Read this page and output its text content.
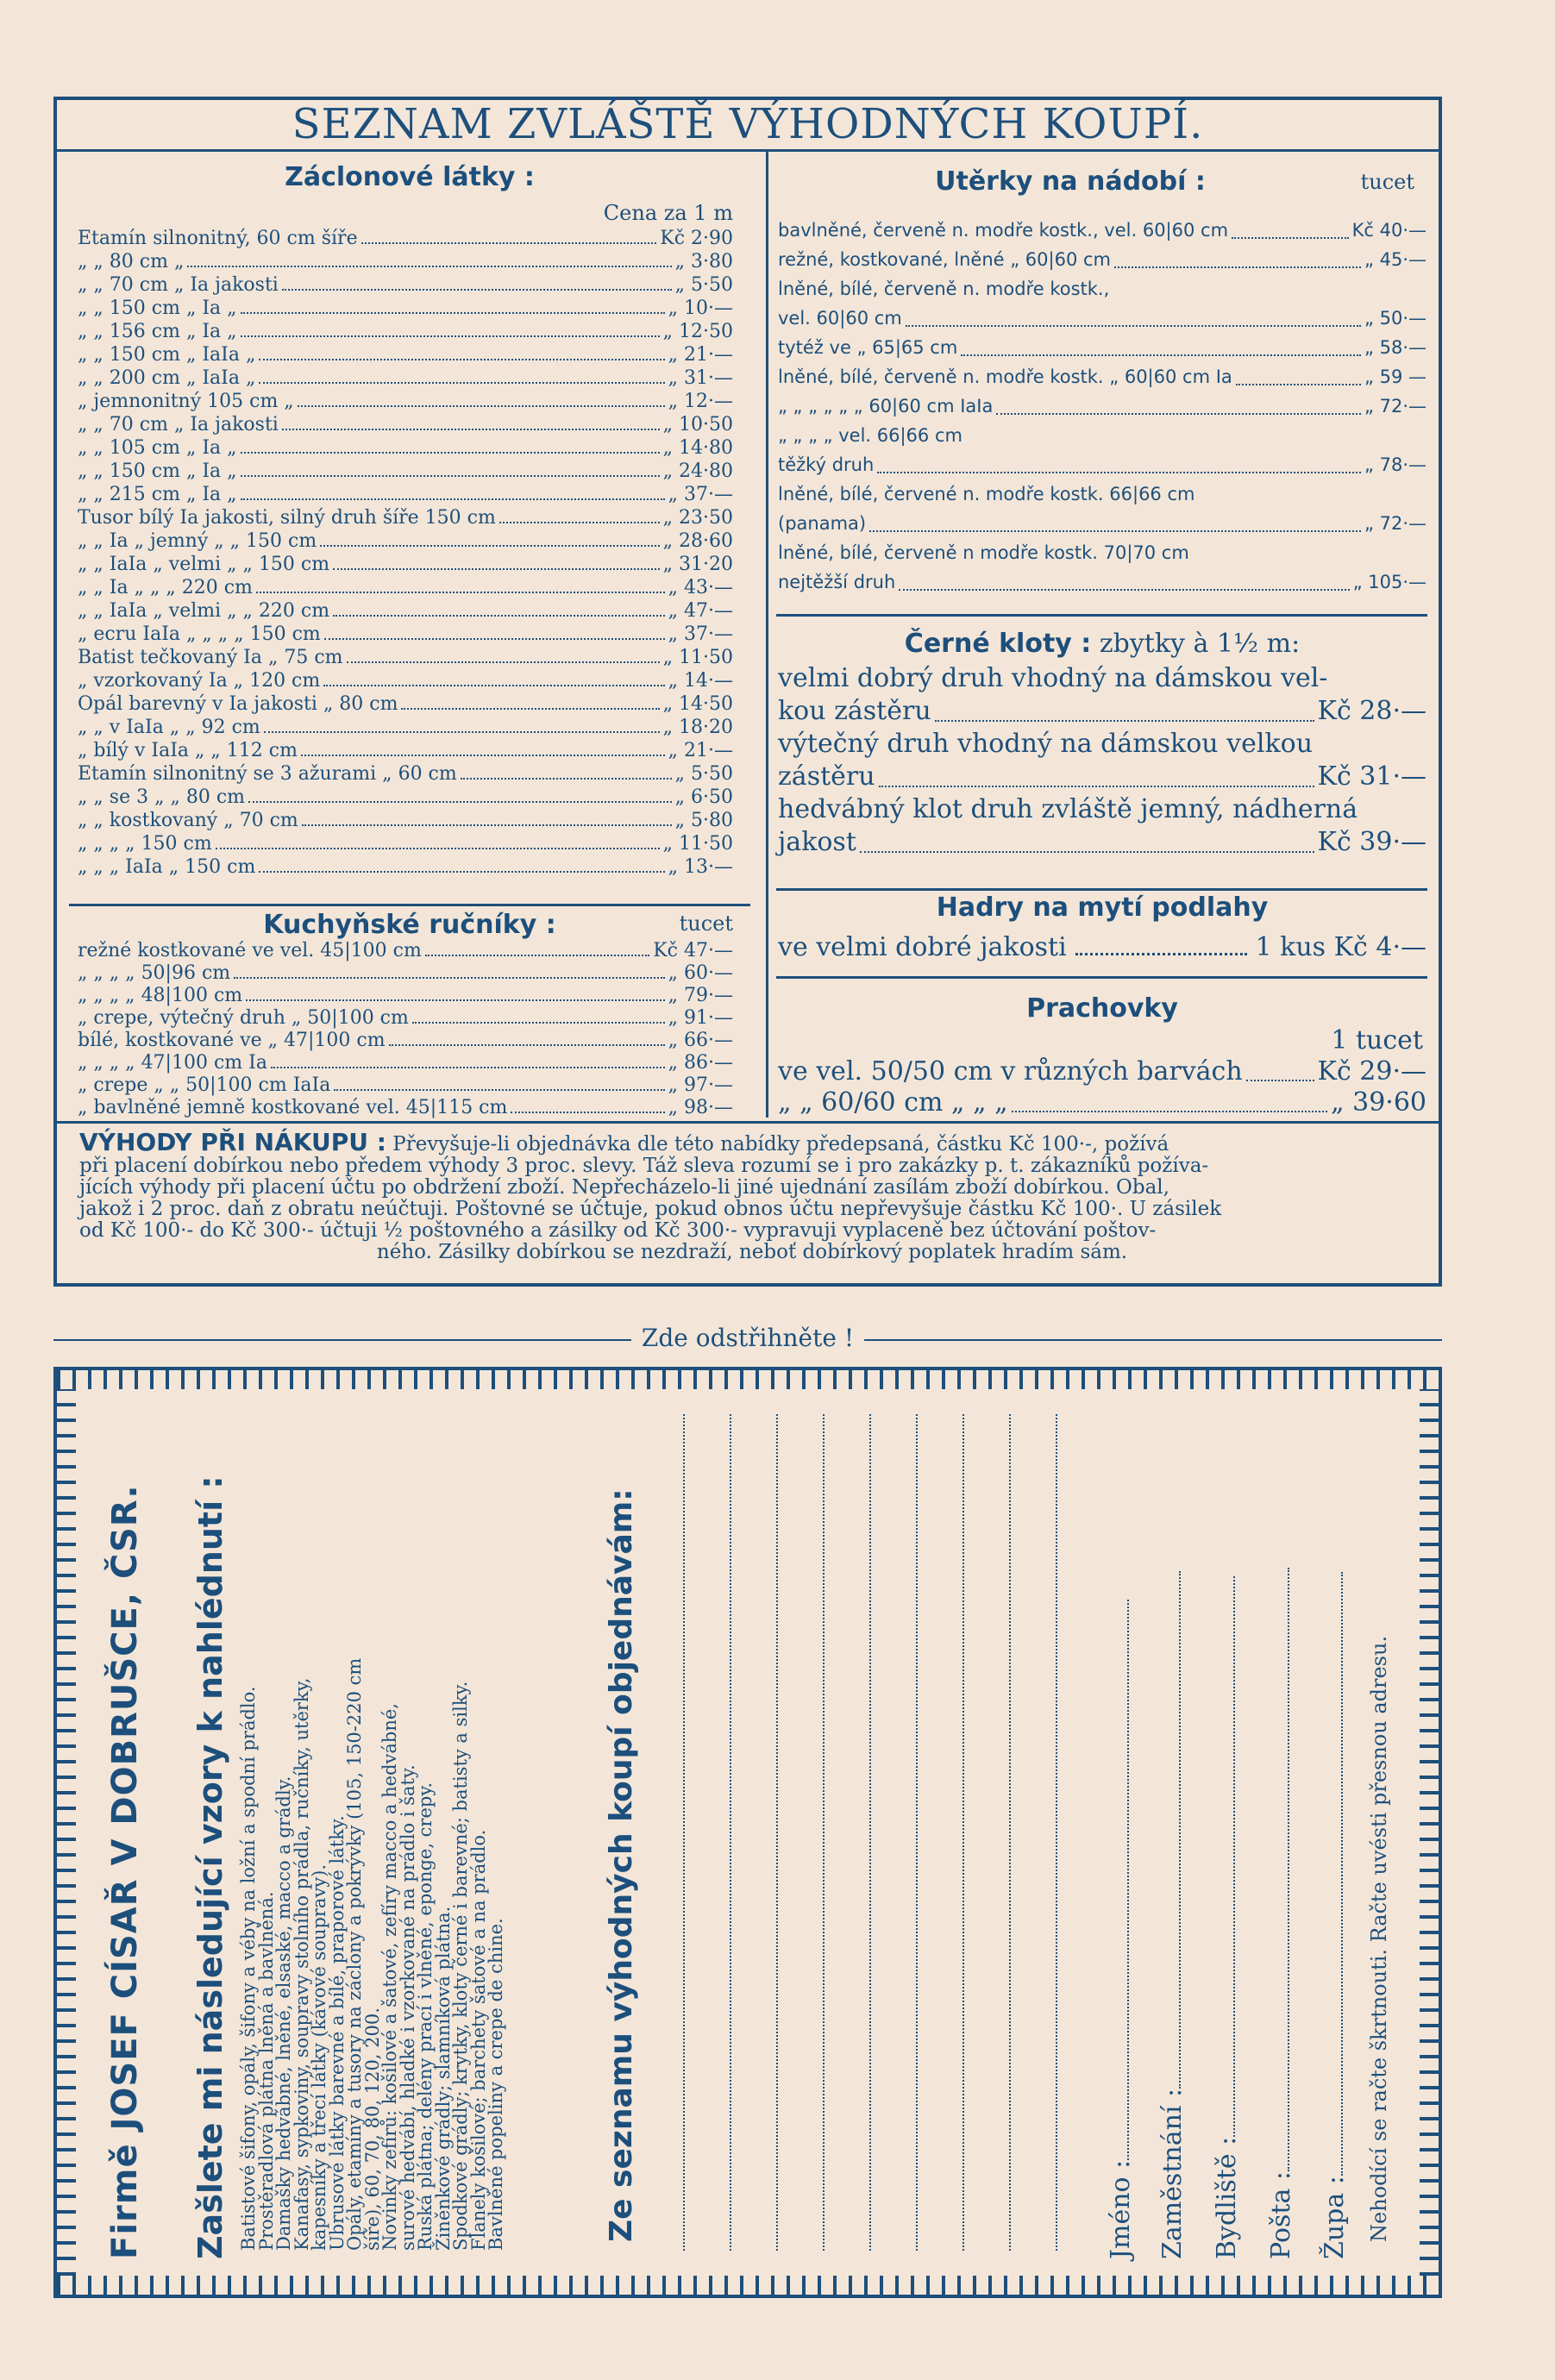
SEZNAM ZVLÁŠTĚ VÝHODNÝCH KOUPÍ.
Záclonové látky :
Cena za 1 m
Etamín silnonitný, 60 cm šíře	Kč 2·90
„ „ 80 cm „	„ 3·80
„ „ 70 cm „ Ia jakosti	„ 5·50
„ „ 150 cm „ Ia „	„ 10·—
„ „ 156 cm „ Ia „	„ 12·50
„ „ 150 cm „ IaIa „	„ 21·—
„ „ 200 cm „ IaIa „	„ 31·—
„ jemnonitný 105 cm „	„ 12·—
„ „ 70 cm „ Ia jakosti	„ 10·50
„ „ 105 cm „ Ia „	„ 14·80
„ „ 150 cm „ Ia „	„ 24·80
„ „ 215 cm „ Ia „	„ 37·—
Tusor bílý Ia jakosti, silný druh šíře 150 cm	„ 23·50
„ „ Ia „ jemný „ „ 150 cm	„ 28·60
„ „ IaIa „ velmi „ „ 150 cm	„ 31·20
„ „ Ia „ „ „ 220 cm	„ 43·—
„ „ IaIa „ velmi „ „ 220 cm	„ 47·—
„ ecru IaIa „ „ „ „ 150 cm	„ 37·—
Batist tečkovaný Ia „ 75 cm	„ 11·50
„ vzorkovaný Ia „ 120 cm	„ 14·—
Opál barevný v Ia jakosti „ 80 cm	„ 14·50
„ „ v IaIa „ „ 92 cm	„ 18·20
„ bílý v IaIa „ „ 112 cm	„ 21·—
Etamín silnonitný se 3 ažurami „ 60 cm	„ 5·50
„ „ se 3 „ „ 80 cm	„ 6·50
„ „ kostkovaný „ 70 cm	„ 5·80
„ „ „ „ 150 cm	„ 11·50
„ „ „ IaIa „ 150 cm	„ 13·—
Kuchyňské ručníky :	tucet
režné kostkované ve vel. 45|100 cm	Kč 47·—
„ „ „ „ 50|96 cm	„ 60·—
„ „ „ „ 48|100 cm	„ 79·—
„ crepe, výtečný druh „ 50|100 cm	„ 91·—
bílé, kostkované ve „ 47|100 cm	„ 66·—
„ „ „ „ 47|100 cm Ia	„ 86·—
„ crepe „ „ 50|100 cm IaIa	„ 97·—
„ bavlněné jemně kostkované vel. 45|115 cm	„ 98·—
Utěrky na nádobí :	tucet
bavlněné, červeně n. modře kostk., vel. 60|60 cm	Kč 40·—
režné, kostkované, lněné „ 60|60 cm	„ 45·—
lněné, bílé, červeně n. modře kostk.,
vel. 60|60 cm	„ 50·—
tytéž ve „ 65|65 cm	„ 58·—
lněné, bílé, červeně n. modře kostk. „ 60|60 cm Ia	„ 59 —
„ „ „ „ „ „ 60|60 cm IaIa	„ 72·—
„ „ „ „ vel. 66|66 cm
těžký druh	„ 78·—
lněné, bílé, červené n. modře kostk. 66|66 cm
(panama)	„ 72·—
lněné, bílé, červeně n modře kostk. 70|70 cm
nejtěžší druh	„ 105·—
Černé kloty : zbytky à 1½ m:
velmi dobrý druh vhodný na dámskou vel-
kou zástěru	Kč 28·—
výtečný druh vhodný na dámskou velkou
zástěru	Kč 31·—
hedvábný klot druh zvláště jemný, nádherná
jakost	Kč 39·—
Hadry na mytí podlahy
ve velmi dobré jakosti	1 kus Kč 4·—
Prachovky
1 tucet
ve vel. 50/50 cm v různých barvách	Kč 29·—
„ „ 60/60 cm „ „ „	„ 39·60
VÝHODY PŘI NÁKUPU : Převyšuje-li objednávka dle této nabídky předepsaná, částku Kč 100·-, požívá
při placení dobírkou nebo předem výhody 3 proc. slevy. Táž sleva rozumí se i pro zakázky p. t. zákazníků požíva-
jících výhody při placení účtu po obdržení zboží. Nepřecházelo-li jiné ujednání zasílám zboží dobírkou. Obal,
jakož i 2 proc. daň z obratu neúčtuji. Poštovné se účtuje, pokud obnos účtu nepřevyšuje částku Kč 100·. U zásilek
od Kč 100·- do Kč 300·- účtuji ½ poštovného a zásilky od Kč 300·- vypravuji vyplaceně bez účtování poštov-

ného. Zásilky dobírkou se nezdraží, neboť dobírkový poplatek hradím sám.
Zde odstřihněte !
Firmě JOSEF CÍSAŘ V DOBRUŠCE, ČSR. Zašlete mi následující vzory k nahlédnutí : Batistové šifony, opály, šifony a véby na ložní a spodní prádlo.
Prostěradlová plátna lněná a bavlněná.
Damašky hedvábné, lněné, elsaské, macco a grádly.
Kanafasy, sypkoviny, soupravy stolního prádla, ručníky, utěrky,
kapesníky a třecí látky (kávové soupravy).
Ubrusové látky barevné a bílé, praporové látky.
Opály, etamíny a tusory na záclony a pokrývky (105, 150-220 cm
šíře), 60, 70, 80, 120, 200.
Novinky zefírů: košilové a šatové, zefíry macco a hedvábné,
surové hedvábí, hladké i vzorkované na prádlo i šaty.
Ruská plátna; delény prací i vlněné, eponge, crepy.
Žiněnkové grádly; slamníková plátna.
Spodkové grádly; krytky, kloty černé i barevné; batisty a silky.
Flanely košilové; barchety šatové a na prádlo.
Bavlněné popeliny a crepe de chine.	Ze seznamu výhodných koupí objednávám:	Jméno : Zaměstnání : Bydliště : Pošta : Župa : Nehodící se račte škrtnouti. Račte uvésti přesnou adresu.
